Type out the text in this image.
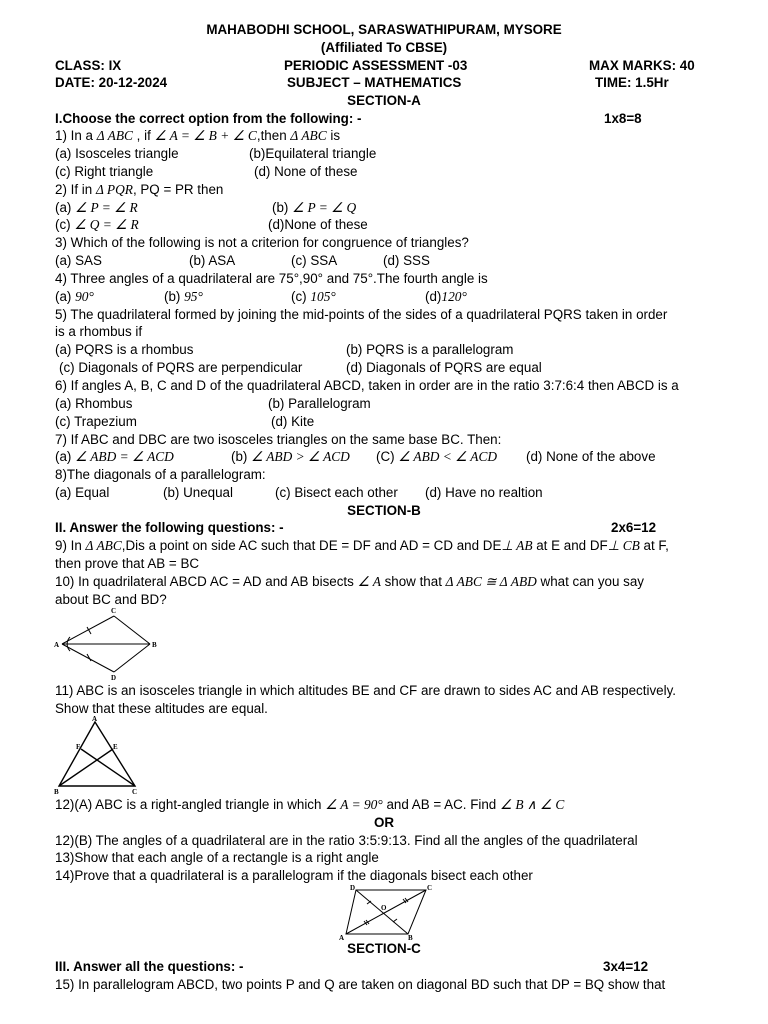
MAHABODHI SCHOOL, SARASWATHIPURAM, MYSORE
(Affiliated To CBSE)
CLASS: IX	PERIODIC ASSESSMENT -03	MAX MARKS: 40
DATE: 20-12-2024	SUBJECT – MATHEMATICS	TIME: 1.5Hr
SECTION-A
I.Choose the correct option from the following: -	1x8=8
1) In a Δ ABC , if ∠ A = ∠ B + ∠ C,then Δ ABC is
(a) Isosceles triangle	(b)Equilateral triangle
(c) Right triangle	(d) None of these
2) If in Δ PQR, PQ = PR then
(a) ∠ P = ∠ R	(b) ∠ P = ∠ Q
(c) ∠ Q = ∠ R	(d)None of these
3) Which of the following is not a criterion for congruence of triangles?
(a) SAS	(b) ASA	(c) SSA	(d) SSS
4) Three angles of a quadrilateral are 75°,90° and 75°.The fourth angle is
(a) 90°	(b) 95°	(c) 105°	(d)120°
5) The quadrilateral formed by joining the mid-points of the sides of a quadrilateral PQRS taken in order
is a rhombus if
(a) PQRS is a rhombus	(b) PQRS is a parallelogram
(c) Diagonals of PQRS are perpendicular	(d) Diagonals of PQRS are equal
6) If angles A, B, C and D of the quadrilateral ABCD, taken in order are in the ratio 3:7:6:4 then ABCD is a
(a) Rhombus	(b) Parallelogram
(c) Trapezium	(d) Kite
7) If ABC and DBC are two isosceles triangles on the same base BC. Then:
(a) ∠ ABD = ∠ ACD	(b) ∠ ABD > ∠ ACD (C) ∠ ABD < ∠ ACD (d) None of the above
8)The diagonals of a parallelogram:
(a) Equal	(b) Unequal	(c) Bisect each other (d) Have no realtion
SECTION-B
II. Answer the following questions: -	2x6=12
9) In Δ ABC,Dis a point on side AC such that DE = DF and AD = CD and DE⊥ AB at E and DF⊥ CB at F,
then prove that AB = BC
10) In quadrilateral ABCD AC = AD and AB bisects ∠ A show that Δ ABC ≅ Δ ABD what can you say
about BC and BD?
A	B
C
D
11) ABC is an isosceles triangle in which altitudes BE and CF are drawn to sides AC and AB respectively.
Show that these altitudes are equal.
A
B	C
E
F
12)(A) ABC is a right-angled triangle in which ∠ A = 90° and AB = AC. Find ∠ B ∧ ∠ C
OR
12)(B) The angles of a quadrilateral are in the ratio 3:5:9:13. Find all the angles of the quadrilateral
13)Show that each angle of a rectangle is a right angle
14)Prove that a quadrilateral is a parallelogram if the diagonals bisect each other
D	C
A	B
O
SECTION-C
III. Answer all the questions: -	3x4=12
15) In parallelogram ABCD, two points P and Q are taken on diagonal BD such that DP = BQ show that
